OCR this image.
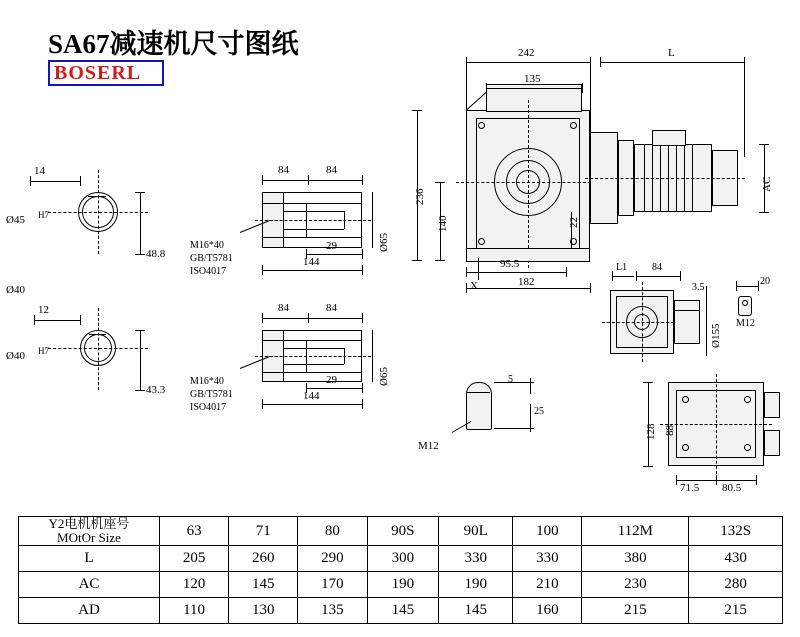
SA67减速机尺寸图纸
BOSERL
14
48.8
Ø45 H7
Ø40
12
43.3
Ø40 H7
84	84
29
144
Ø65
M16*40
GB/T5781
ISO4017
84	84
29
144
Ø65
M16*40
GB/T5781
ISO4017
242
135
L
236
140	22
AC
95.5
182
X
L1 84
3.5
Ø155
20
M12
5
25
M12
128 88
71.5 80.5
Y2电机机座号
MOtOr Size	63	71	80	90S	90L	100	112M	132S
L	205	260	290	300	330	330	380	430
AC	120	145	170	190	190	210	230	280
AD	110	130	135	145	145	160	215	215
